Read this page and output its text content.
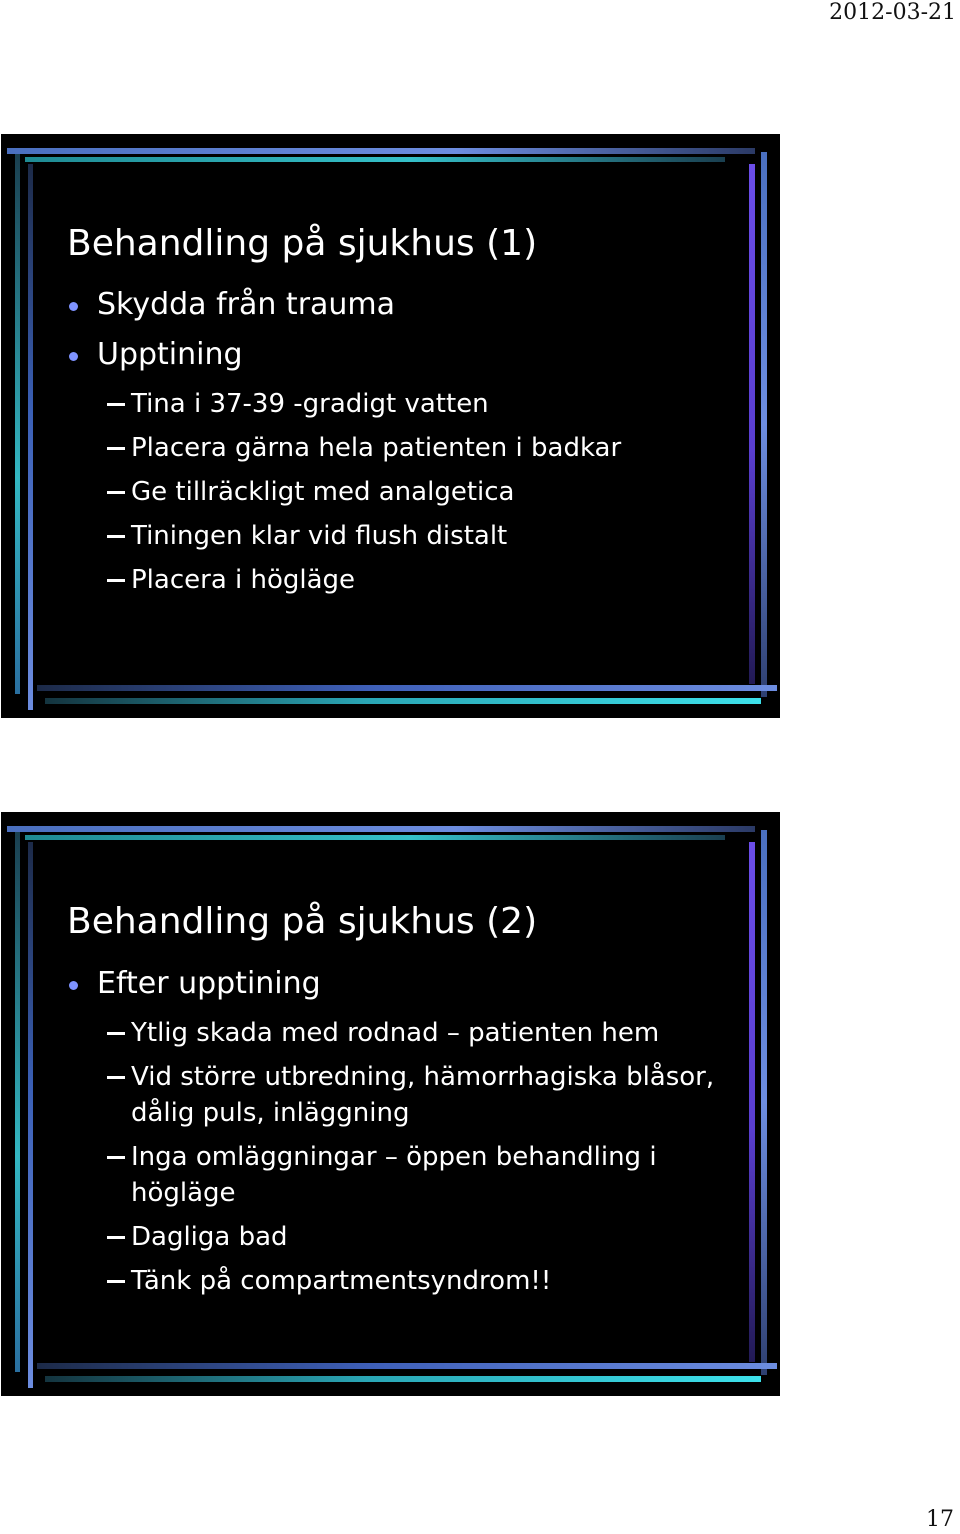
2012-03-21
Behandling på sjukhus (1)
Skydda från trauma
Upptining
Tina i 37-39 -gradigt vatten
Placera gärna hela patienten i badkar
Ge tillräckligt med analgetica
Tiningen klar vid flush distalt
Placera i högläge
Behandling på sjukhus (2)
Efter upptining
Ytlig skada med rodnad – patienten hem
Vid större utbredning, hämorrhagiska blåsor, dålig puls, inläggning
Inga omläggningar – öppen behandling i högläge
Dagliga bad
Tänk på compartmentsyndrom!!
17
